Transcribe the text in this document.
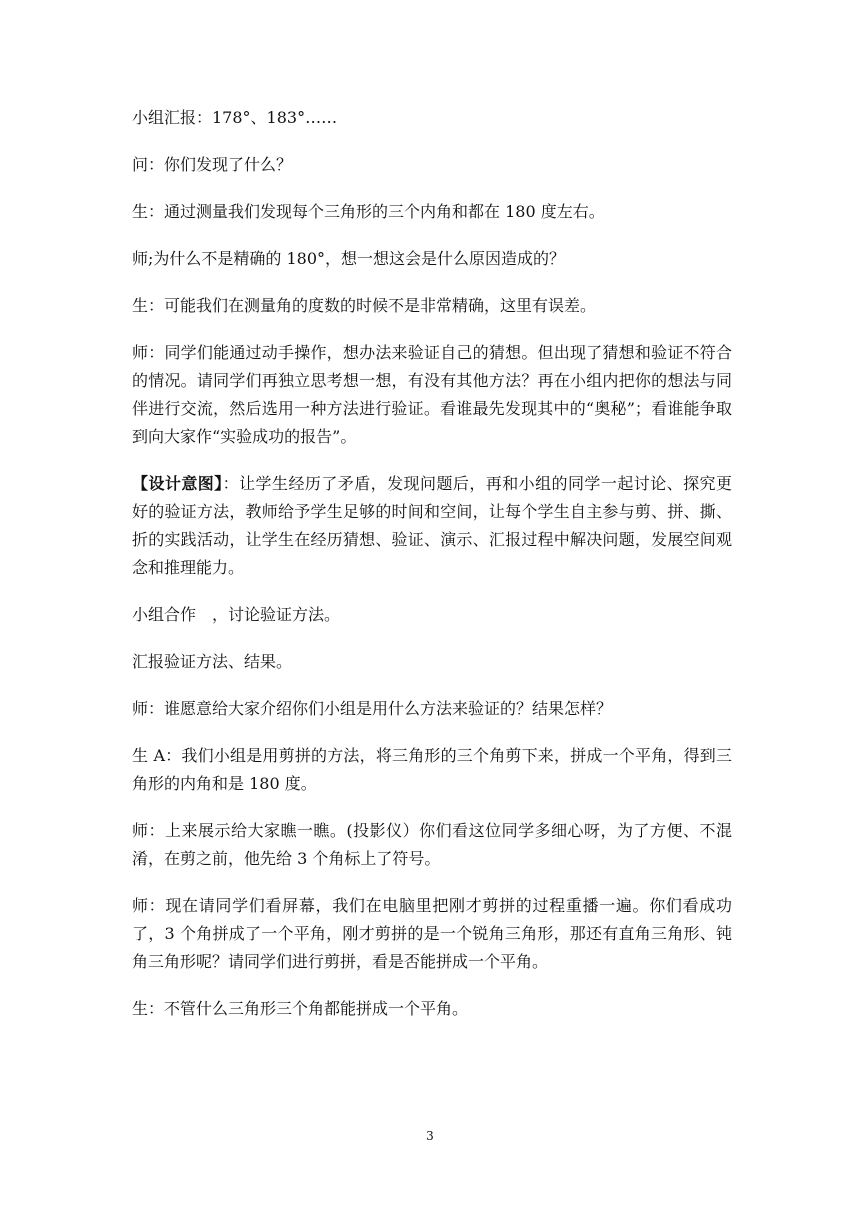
小组汇报：178°、183°……

问：你们发现了什么？

生：通过测量我们发现每个三角形的三个内角和都在 180 度左右。

师;为什么不是精确的 180°，想一想这会是什么原因造成的？

生：可能我们在测量角的度数的时候不是非常精确，这里有误差。

师：同学们能通过动手操作，想办法来验证自己的猜想。但出现了猜想和验证不符合的情况。请同学们再独立思考想一想，有没有其他方法？再在小组内把你的想法与同伴进行交流，然后选用一种方法进行验证。看谁最先发现其中的“奥秘”；看谁能争取到向大家作“实验成功的报告”。

【设计意图】：让学生经历了矛盾，发现问题后，再和小组的同学一起讨论、探究更好的验证方法，教师给予学生足够的时间和空间，让每个学生自主参与剪、拼、撕、折的实践活动，让学生在经历猜想、验证、演示、汇报过程中解决问题，发展空间观念和推理能力。

小组合作　，讨论验证方法。

汇报验证方法、结果。

师：谁愿意给大家介绍你们小组是用什么方法来验证的？结果怎样？

生 A：我们小组是用剪拼的方法，将三角形的三个角剪下来，拼成一个平角，得到三角形的内角和是 180 度。

师：上来展示给大家瞧一瞧。(投影仪）你们看这位同学多细心呀，为了方便、不混淆，在剪之前，他先给 3 个角标上了符号。

师：现在请同学们看屏幕，我们在电脑里把刚才剪拼的过程重播一遍。你们看成功了，3 个角拼成了一个平角，刚才剪拼的是一个锐角三角形，那还有直角三角形、钝角三角形呢？请同学们进行剪拼，看是否能拼成一个平角。

生：不管什么三角形三个角都能拼成一个平角。

3
